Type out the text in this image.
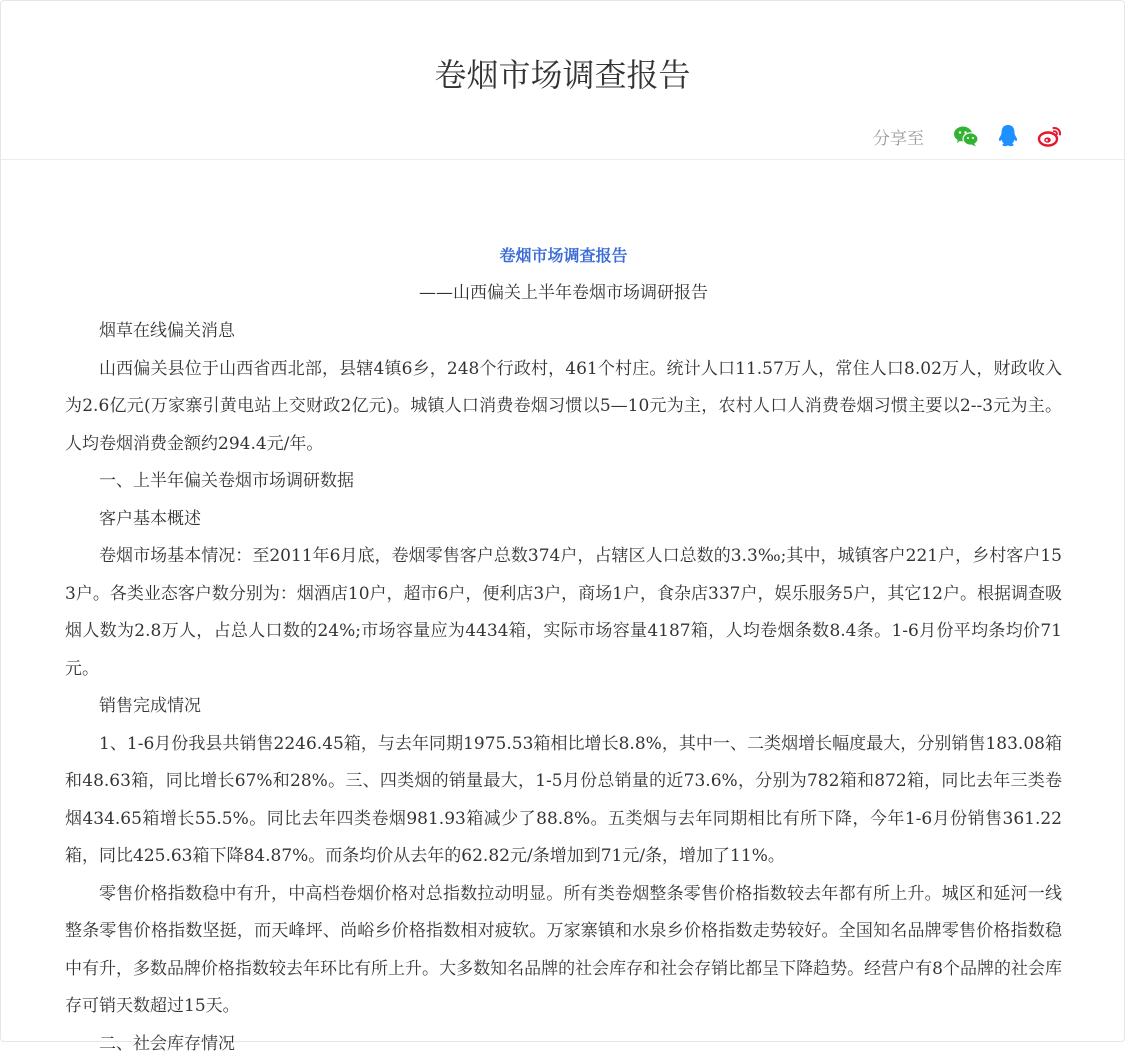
卷烟市场调查报告
分享至

卷烟市场调查报告

——山西偏关上半年卷烟市场调研报告

烟草在线偏关消息

山西偏关县位于山西省西北部，县辖4镇6乡，248个行政村，461个村庄。统计人口11.57万人，常住人口8.02万人，财政收入为2.6亿元(万家寨引黄电站上交财政2亿元)。城镇人口消费卷烟习惯以5—10元为主，农村人口人消费卷烟习惯主要以2--3元为主。人均卷烟消费金额约294.4元/年。

一、上半年偏关卷烟市场调研数据

客户基本概述

卷烟市场基本情况：至2011年6月底，卷烟零售客户总数374户，占辖区人口总数的3.3‰;其中，城镇客户221户，乡村客户153户。各类业态客户数分别为：烟酒店10户，超市6户，便利店3户，商场1户，食杂店337户，娱乐服务5户，其它12户。根据调查吸烟人数为2.8万人，占总人口数的24%;市场容量应为4434箱，实际市场容量4187箱，人均卷烟条数8.4条。1-6月份平均条均价71元。

销售完成情况

1、1-6月份我县共销售2246.45箱，与去年同期1975.53箱相比增长8.8%，其中一、二类烟增长幅度最大，分别销售183.08箱和48.63箱，同比增长67%和28%。三、四类烟的销量最大，1-5月份总销量的近73.6%，分别为782箱和872箱，同比去年三类卷烟434.65箱增长55.5%。同比去年四类卷烟981.93箱减少了88.8%。五类烟与去年同期相比有所下降，今年1-6月份销售361.22箱，同比425.63箱下降84.87%。而条均价从去年的62.82元/条增加到71元/条，增加了11%。

零售价格指数稳中有升，中高档卷烟价格对总指数拉动明显。所有类卷烟整条零售价格指数较去年都有所上升。城区和延河一线整条零售价格指数坚挺，而天峰坪、尚峪乡价格指数相对疲软。万家寨镇和水泉乡价格指数走势较好。全国知名品牌零售价格指数稳中有升，多数品牌价格指数较去年环比有所上升。大多数知名品牌的社会库存和社会存销比都呈下降趋势。经营户有8个品牌的社会库存可销天数超过15天。

二、社会库存情况
